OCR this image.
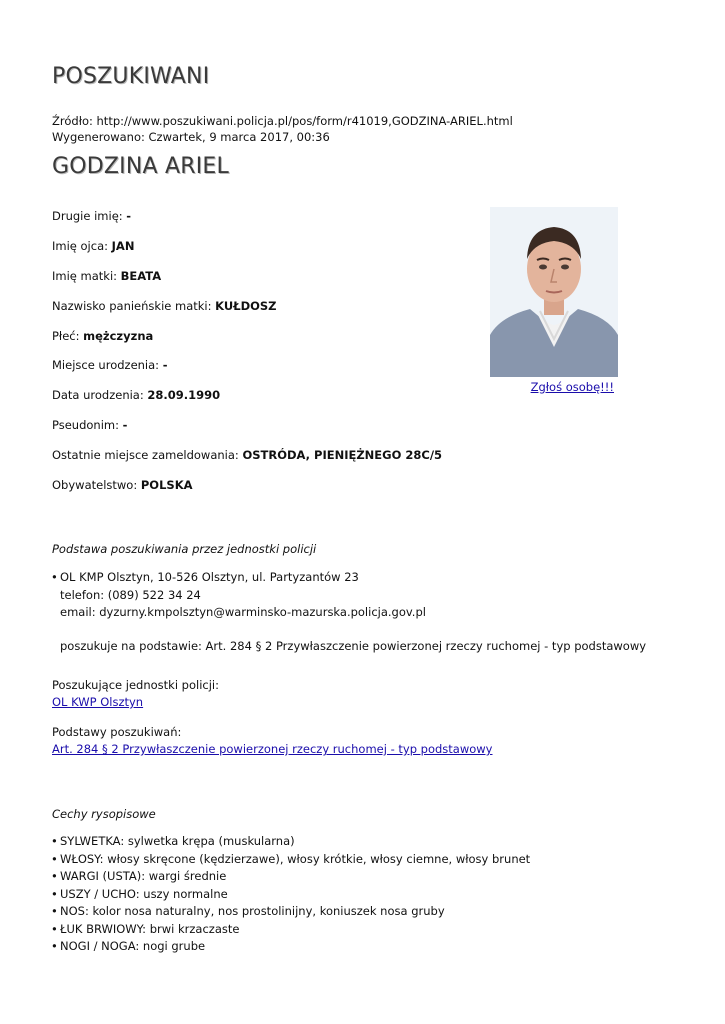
POSZUKIWANI
Źródło: http://www.poszukiwani.policja.pl/pos/form/r41019,GODZINA-ARIEL.html
Wygenerowano: Czwartek, 9 marca 2017, 00:36
GODZINA ARIEL
Drugie imię: -
Imię ojca: JAN
Imię matki: BEATA
Nazwisko panieńskie matki: KUŁDOSZ
Płeć: mężczyzna
Miejsce urodzenia: -
Data urodzenia: 28.09.1990
Pseudonim: -
Ostatnie miejsce zameldowania: OSTRÓDA, PIENIĘŻNEGO 28C/5
Obywatelstwo: POLSKA
Zgłoś osobę!!!
Podstawa poszukiwania przez jednostki policji
• OL KMP Olsztyn, 10-526 Olsztyn, ul. Partyzantów 23
telefon: (089) 522 34 24
email: dyzurny.kmpolsztyn@warminsko-mazurska.policja.gov.pl
poszukuje na podstawie: Art. 284 § 2 Przywłaszczenie powierzonej rzeczy ruchomej - typ podstawowy
Poszukujące jednostki policji:
OL KWP Olsztyn
Podstawy poszukiwań:
Art. 284 § 2 Przywłaszczenie powierzonej rzeczy ruchomej - typ podstawowy
Cechy rysopisowe
• SYLWETKA: sylwetka krępa (muskularna)
• WŁOSY: włosy skręcone (kędzierzawe), włosy krótkie, włosy ciemne, włosy brunet
• WARGI (USTA): wargi średnie
• USZY / UCHO: uszy normalne
• NOS: kolor nosa naturalny, nos prostolinijny, koniuszek nosa gruby
• ŁUK BRWIOWY: brwi krzaczaste
• NOGI / NOGA: nogi grube
